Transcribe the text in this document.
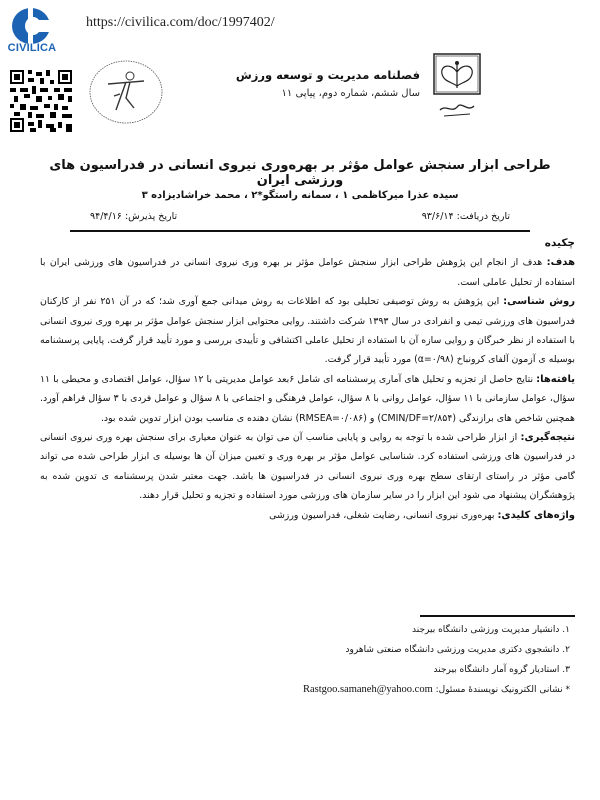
CIVILICA
https://civilica.com/doc/1997402/
فصلنامه مدیریت و توسعه ورزش
سال ششم، شماره دوم، پیاپی ۱۱
طراحی ابزار سنجش عوامل مؤثر بر بهره‌وری نیروی انسانی در فدراسیون های ورزشی ایران
سیده عذرا میرکاظمی ۱ ، سمانه راستگو*۲ ، محمد خراشادیزاده ۳
تاریخ دریافت: ۹۳/۶/۱۴
تاریخ پذیرش: ۹۴/۴/۱۶
چکیده

هدف: هدف از انجام این پژوهش طراحی ابزار سنجش عوامل مؤثر بر بهره وری نیروی انسانی در فدراسیون های ورزشی ایران با استفاده از تحلیل عاملی است.

روش شناسی: این پژوهش به روش توصیفی تحلیلی بود که اطلاعات به روش میدانی جمع آوری شد؛ که در آن ۲۵۱ نفر از کارکنان فدراسیون های ورزشی تیمی و انفرادی در سال ۱۳۹۳ شرکت داشتند. روایی محتوایی ابزار سنجش عوامل مؤثر بر بهره وری نیروی انسانی با استفاده از نظر خبرگان و روایی سازه آن با استفاده از تحلیل عاملی اکتشافی و تأییدی بررسی و مورد تأیید قرار گرفت. پایایی پرسشنامه بوسیله ی آزمون آلفای کرونباخ (۰/۹۸=α) مورد تأیید قرار گرفت.

یافته‌ها: نتایج حاصل از تجزیه و تحلیل های آماری پرسشنامه ای شامل ۶بعد عوامل مدیریتی با ۱۲ سؤال، عوامل اقتصادی و محیطی با ۱۱ سؤال، عوامل سازمانی با ۱۱ سؤال، عوامل روانی با ۸ سؤال، عوامل فرهنگی و اجتماعی با ۸ سؤال و عوامل فردی با ۳ سؤال فراهم آورد. همچنین شاخص های برازندگی (CMIN/DF=۲/۸۵۴) و (RMSEA=۰/۰۸۶) نشان دهنده ی مناسب بودن ابزار تدوین شده بود.

نتیجه‌گیری: از ابزار طراحی شده با توجه به روایی و پایایی مناسب آن می توان به عنوان معیاری برای سنجش بهره وری نیروی انسانی در فدراسیون های ورزشی استفاده کرد. شناسایی عوامل مؤثر بر بهره وری و تعیین میزان آن ها بوسیله ی ابزار طراحی شده می تواند گامی مؤثر در راستای ارتقای سطح بهره وری نیروی انسانی در فدراسیون ها باشد. جهت معتبر شدن پرسشنامه ی تدوین شده به پژوهشگران پیشنهاد می شود این ابزار را در سایر سازمان های ورزشی مورد استفاده و تجزیه و تحلیل قرار دهند.

واژه‌های کلیدی: بهره‌وری نیروی انسانی، رضایت شغلی، فدراسیون ورزشی

۱. دانشیار مدیریت ورزشی دانشگاه بیرجند
۲. دانشجوی دکتری مدیریت ورزشی دانشگاه صنعتی شاهرود
۳. استادیار گروه آمار دانشگاه بیرجند
* نشانی الکترونیک نویسندهٔ مسئول: Rastgoo.samaneh@yahoo.com
